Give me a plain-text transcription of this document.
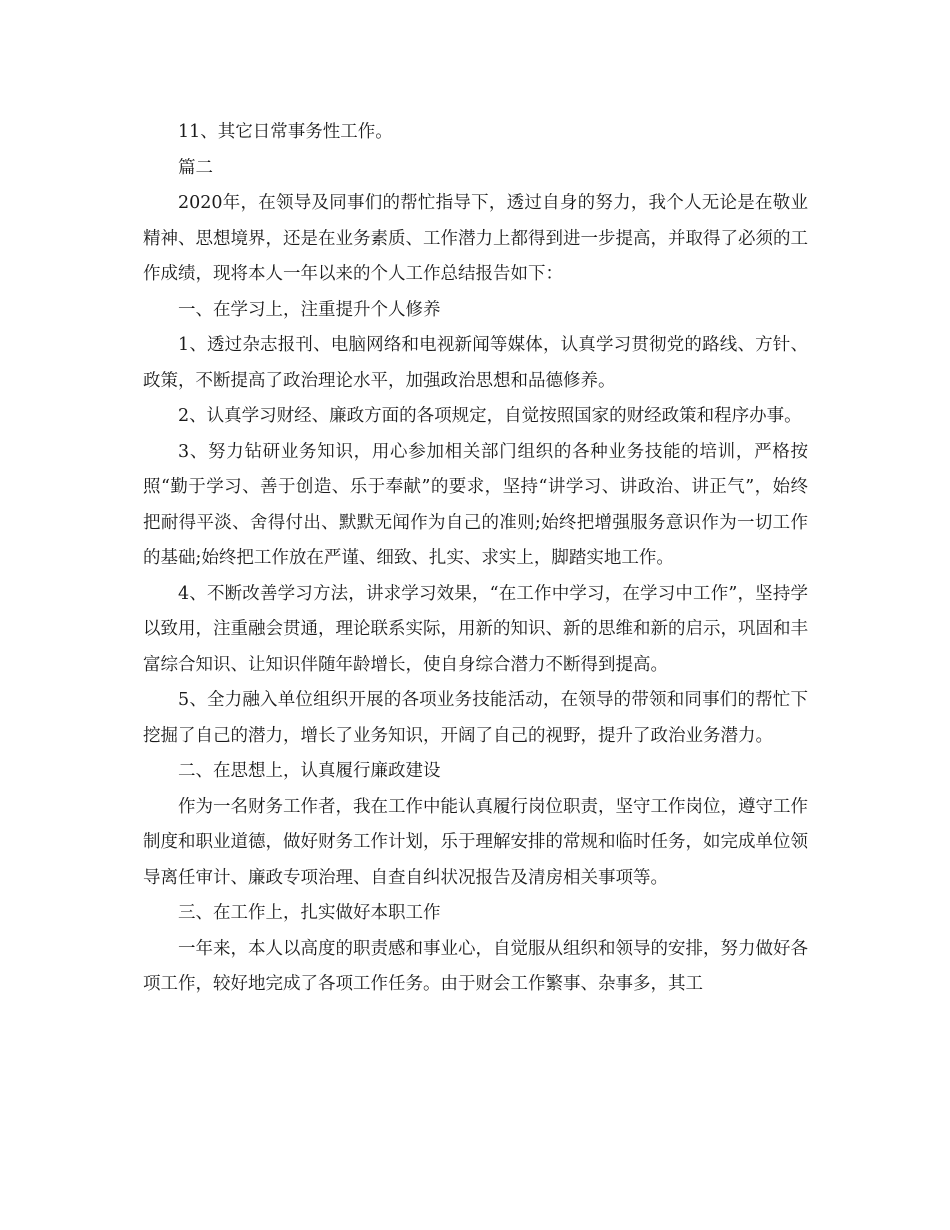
11、其它日常事务性工作。

篇二

2020年，在领导及同事们的帮忙指导下，透过自身的努力，我个人无论是在敬业精神、思想境界，还是在业务素质、工作潜力上都得到进一步提高，并取得了必须的工作成绩，现将本人一年以来的个人工作总结报告如下：

一、在学习上，注重提升个人修养

1、透过杂志报刊、电脑网络和电视新闻等媒体，认真学习贯彻党的路线、方针、政策，不断提高了政治理论水平，加强政治思想和品德修养。

2、认真学习财经、廉政方面的各项规定，自觉按照国家的财经政策和程序办事。

3、努力钻研业务知识，用心参加相关部门组织的各种业务技能的培训，严格按照“勤于学习、善于创造、乐于奉献”的要求，坚持“讲学习、讲政治、讲正气”，始终把耐得平淡、舍得付出、默默无闻作为自己的准则;始终把增强服务意识作为一切工作的基础;始终把工作放在严谨、细致、扎实、求实上，脚踏实地工作。

4、不断改善学习方法，讲求学习效果，“在工作中学习，在学习中工作”，坚持学以致用，注重融会贯通，理论联系实际，用新的知识、新的思维和新的启示，巩固和丰富综合知识、让知识伴随年龄增长，使自身综合潜力不断得到提高。

5、全力融入单位组织开展的各项业务技能活动，在领导的带领和同事们的帮忙下挖掘了自己的潜力，增长了业务知识，开阔了自己的视野，提升了政治业务潜力。

二、在思想上，认真履行廉政建设

作为一名财务工作者，我在工作中能认真履行岗位职责，坚守工作岗位，遵守工作制度和职业道德，做好财务工作计划，乐于理解安排的常规和临时任务，如完成单位领导离任审计、廉政专项治理、自查自纠状况报告及清房相关事项等。

三、在工作上，扎实做好本职工作

一年来，本人以高度的职责感和事业心，自觉服从组织和领导的安排，努力做好各项工作，较好地完成了各项工作任务。由于财会工作繁事、杂事多，其工
